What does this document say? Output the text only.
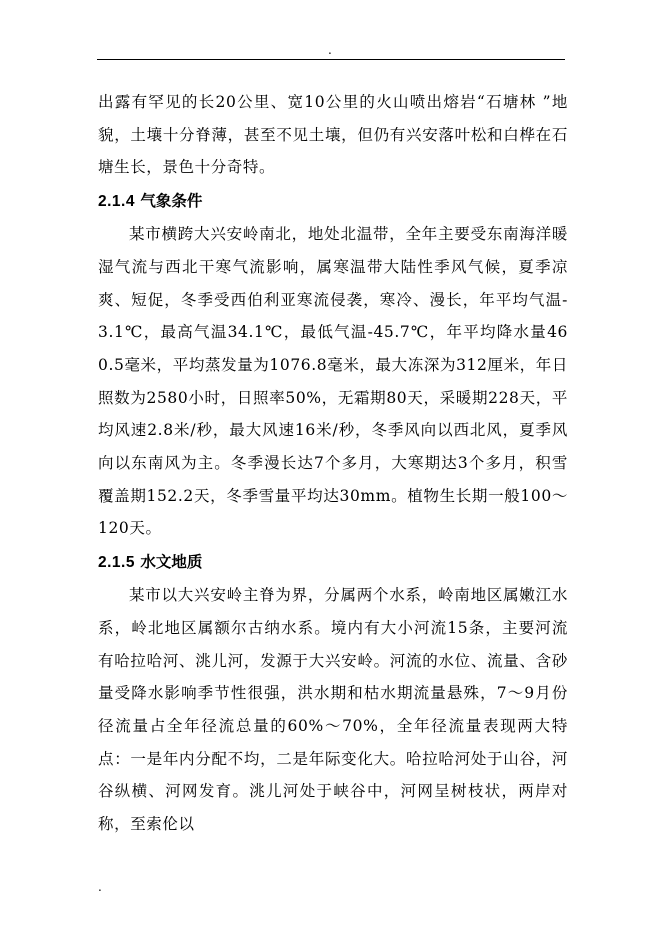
.

出露有罕见的长20公里、宽10公里的火山喷出熔岩“石塘林 ”地貌，土壤十分脊薄，甚至不见土壤，但仍有兴安落叶松和白桦在石塘生长，景色十分奇特。

2.1.4 气象条件

某市横跨大兴安岭南北，地处北温带，全年主要受东南海洋暖湿气流与西北干寒气流影响，属寒温带大陆性季风气候，夏季凉爽、短促，冬季受西伯利亚寒流侵袭，寒冷、漫长，年平均气温-3.1℃，最高气温34.1℃，最低气温-45.7℃，年平均降水量460.5毫米，平均蒸发量为1076.8毫米，最大冻深为312厘米，年日照数为2580小时，日照率50%，无霜期80天，采暖期228天，平均风速2.8米/秒，最大风速16米/秒，冬季风向以西北风，夏季风向以东南风为主。冬季漫长达7个多月，大寒期达3个多月，积雪覆盖期152.2天，冬季雪量平均达30mm。植物生长期一般100～120天。

2.1.5 水文地质

某市以大兴安岭主脊为界，分属两个水系，岭南地区属嫩江水系，岭北地区属额尔古纳水系。境内有大小河流15条，主要河流有哈拉哈河、洮儿河，发源于大兴安岭。河流的水位、流量、含砂量受降水影响季节性很强，洪水期和枯水期流量悬殊，7～9月份径流量占全年径流总量的60%～70%，全年径流量表现两大特点：一是年内分配不均，二是年际变化大。哈拉哈河处于山谷，河谷纵横、河网发育。洮儿河处于峡谷中，河网呈树枝状，两岸对称，至索伦以

.
